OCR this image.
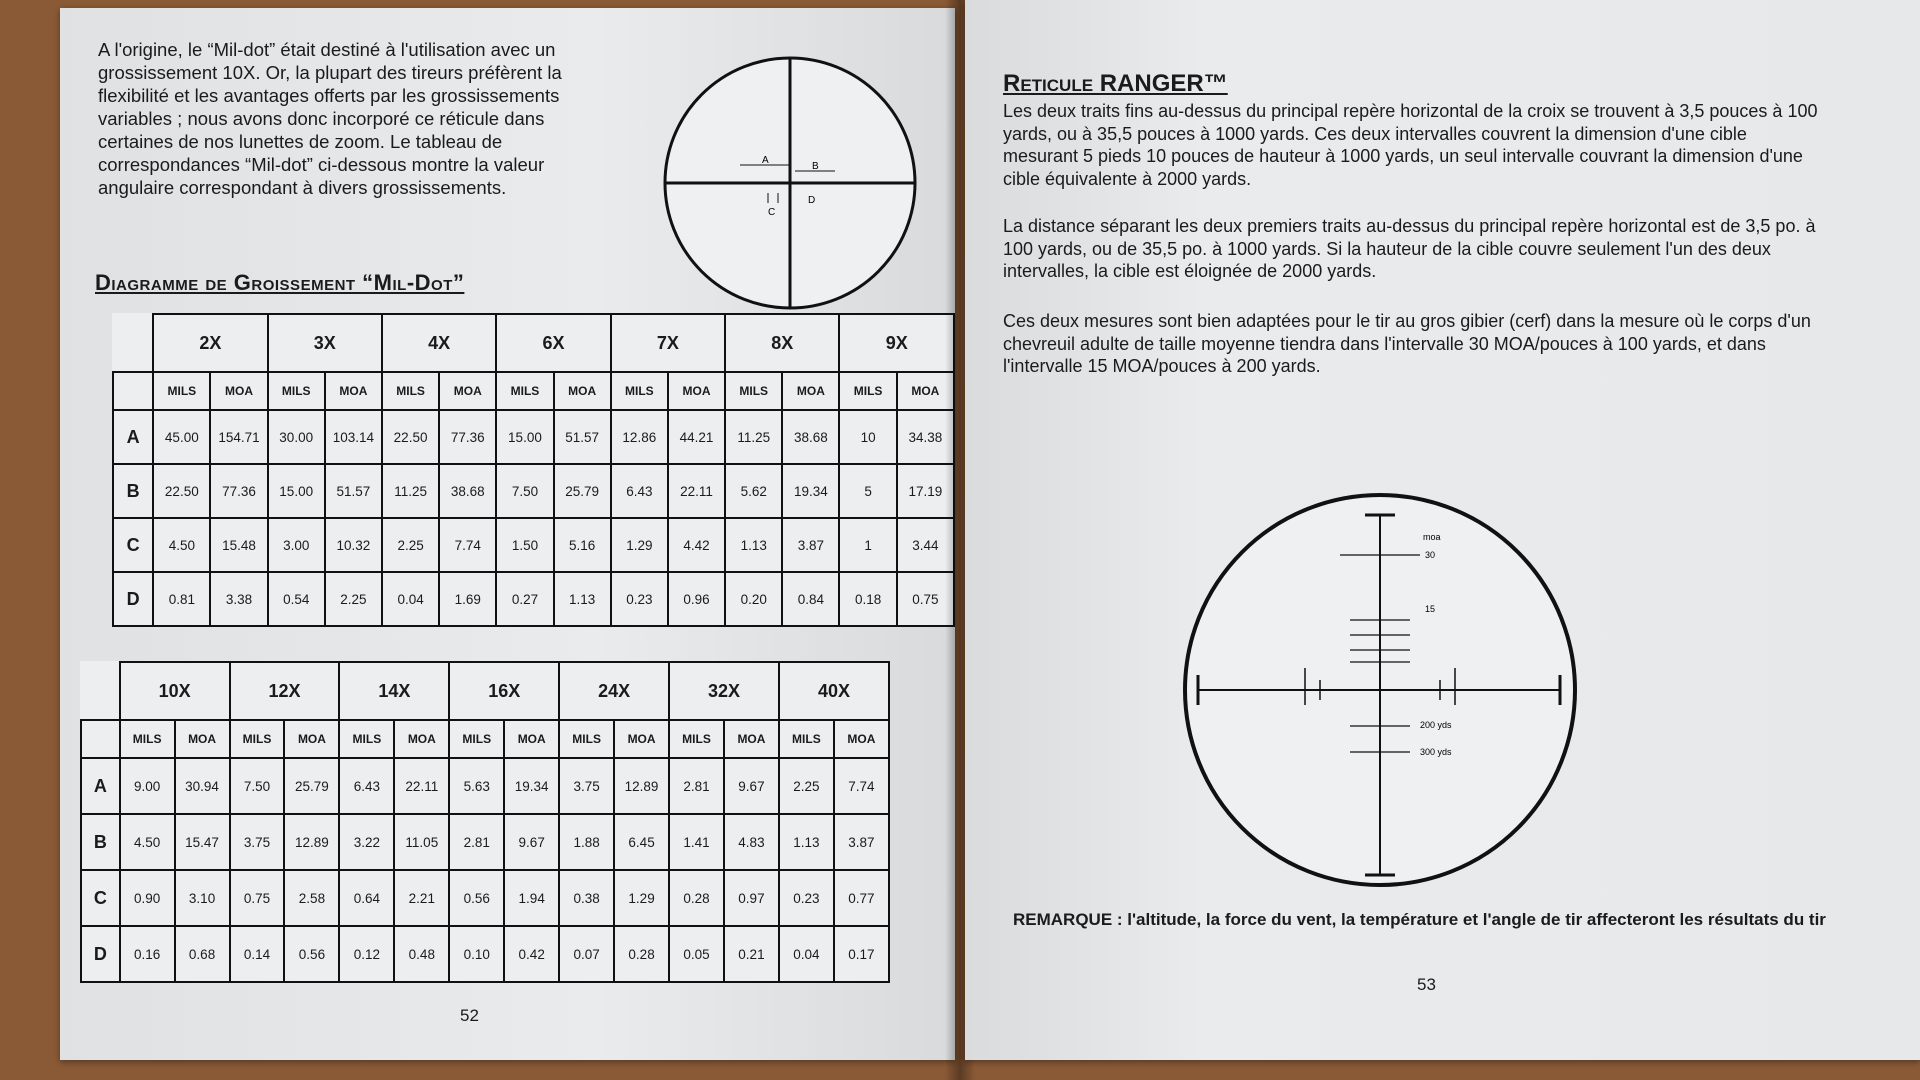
A l'origine, le “Mil-dot” était destiné à l'utilisation avec un grossissement 10X. Or, la plupart des tireurs préfèrent la flexibilité et les avantages offerts par les grossissements variables ; nous avons donc incorporé ce réticule dans certaines de nos lunettes de zoom. Le tableau de correspondances “Mil-dot” ci-dessous montre la valeur angulaire correspondant à divers grossissements.
A
B
C
D
Diagramme de Groissement “Mil-Dot”
	2X		3X		4X		6X		7X		8X		9X	
	MILS	MOA	MILS	MOA	MILS	MOA	MILS	MOA	MILS	MOA	MILS	MOA	MILS	MOA
A	45.00	154.71	30.00	103.14	22.50	77.36	15.00	51.57	12.86	44.21	11.25	38.68	10	34.38
B	22.50	77.36	15.00	51.57	11.25	38.68	7.50	25.79	6.43	22.11	5.62	19.34	5	17.19
C	4.50	15.48	3.00	10.32	2.25	7.74	1.50	5.16	1.29	4.42	1.13	3.87	1	3.44
D	0.81	3.38	0.54	2.25	0.04	1.69	0.27	1.13	0.23	0.96	0.20	0.84	0.18	0.75
	10X		12X		14X		16X		24X		32X		40X	
	MILS	MOA	MILS	MOA	MILS	MOA	MILS	MOA	MILS	MOA	MILS	MOA	MILS	MOA
A	9.00	30.94	7.50	25.79	6.43	22.11	5.63	19.34	3.75	12.89	2.81	9.67	2.25	7.74
B	4.50	15.47	3.75	12.89	3.22	11.05	2.81	9.67	1.88	6.45	1.41	4.83	1.13	3.87
C	0.90	3.10	0.75	2.58	0.64	2.21	0.56	1.94	0.38	1.29	0.28	0.97	0.23	0.77
D	0.16	0.68	0.14	0.56	0.12	0.48	0.10	0.42	0.07	0.28	0.05	0.21	0.04	0.17
52
Reticule RANGER™
Les deux traits fins au-dessus du principal repère horizontal de la croix se trouvent à 3,5 pouces à 100 yards, ou à 35,5 pouces à 1000 yards. Ces deux intervalles couvrent la dimension d'une cible mesurant 5 pieds 10 pouces de hauteur à 1000 yards, un seul intervalle couvrant la dimension d'une cible équivalente à 2000 yards.
La distance séparant les deux premiers traits au-dessus du principal repère horizontal est de 3,5 po. à 100 yards, ou de 35,5 po. à 1000 yards. Si la hauteur de la cible couvre seulement l'un des deux intervalles, la cible est éloignée de 2000 yards.
Ces deux mesures sont bien adaptées pour le tir au gros gibier (cerf) dans la mesure où le corps d'un chevreuil adulte de taille moyenne tiendra dans l'intervalle 30 MOA/pouces à 100 yards, et dans l'intervalle 15 MOA/pouces à 200 yards.
moa
30
15
200 yds
300 yds
REMARQUE : l'altitude, la force du vent, la température et l'angle de tir affecteront les résultats du tir
53
